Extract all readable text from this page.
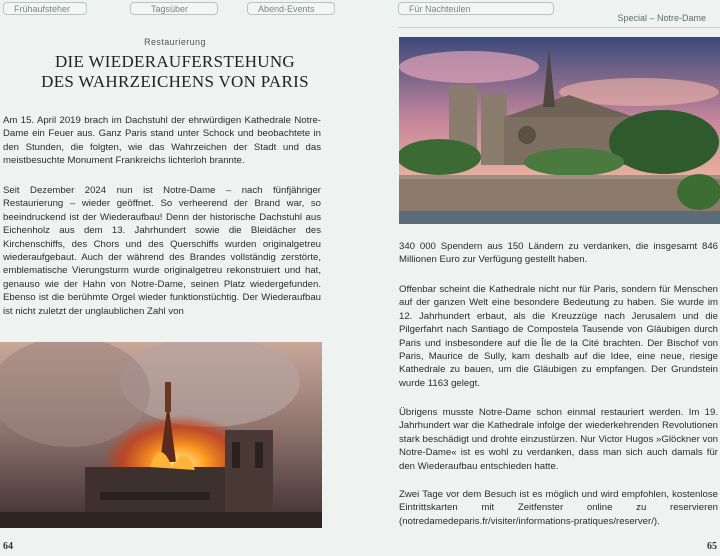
Frühaufsteher	Tagsüber	Abend-Events	Für Nachteulen
Special – Notre-Dame
Restaurierung
DIE WIEDERAUFERSTEHUNG
DES WAHRZEICHENS VON PARIS

Am 15. April 2019 brach im Dachstuhl der ehrwürdigen Kathedrale Notre-Dame ein Feuer aus. Ganz Paris stand unter Schock und beobachtete in den Stunden, die folgten, wie das Wahrzeichen der Stadt und das meistbesuchte Monument Frankreichs lichterloh brannte.

Seit Dezember 2024 nun ist Notre-Dame – nach fünfjähriger Restaurierung – wieder geöffnet. So verheerend der Brand war, so beeindruckend ist der Wiederaufbau! Denn der historische Dachstuhl aus Eichenholz aus dem 13. Jahrhundert sowie die Bleidächer des Kirchenschiffs, des Chors und des Querschiffs wurden originalgetreu wiederaufgebaut. Auch der während des Brandes vollständig zerstörte, emblematische Vierungsturm wurde originalgetreu rekonstruiert und hat, genauso wie der Hahn von Notre-Dame, seinen Platz wiedergefunden. Ebenso ist die berühmte Orgel wieder funktionstüchtig. Der Wiederaufbau ist nicht zuletzt der unglaublichen Zahl von

340 000 Spendern aus 150 Ländern zu verdanken, die insgesamt 846 Millionen Euro zur Verfügung gestellt haben.

Offenbar scheint die Kathedrale nicht nur für Paris, sondern für Menschen auf der ganzen Welt eine besondere Bedeutung zu haben. Sie wurde im 12. Jahrhundert erbaut, als die Kreuzzüge nach Jerusalem und die Pilgerfahrt nach Santiago de Compostela Tausende von Gläubigen durch Paris und insbesondere auf die Île de la Cité brachten. Der Bischof von Paris, Maurice de Sully, kam deshalb auf die Idee, eine neue, riesige Kathedrale zu bauen, um die Gläubigen zu empfangen. Der Grundstein wurde 1163 gelegt.

Übrigens musste Notre-Dame schon einmal restauriert werden. Im 19. Jahrhundert war die Kathedrale infolge der wiederkehrenden Revolutionen stark beschädigt und drohte einzustürzen. Nur Victor Hugos »Glöckner von Notre-Dame« ist es wohl zu verdanken, dass man sich auch damals für den Wiederaufbau entschieden hatte.

Zwei Tage vor dem Besuch ist es möglich und wird empfohlen, kostenlose Eintrittskarten mit Zeitfenster online zu reservieren (notredamedeparis.fr/visiter/informations-pratiques/reserver/).

64	65
